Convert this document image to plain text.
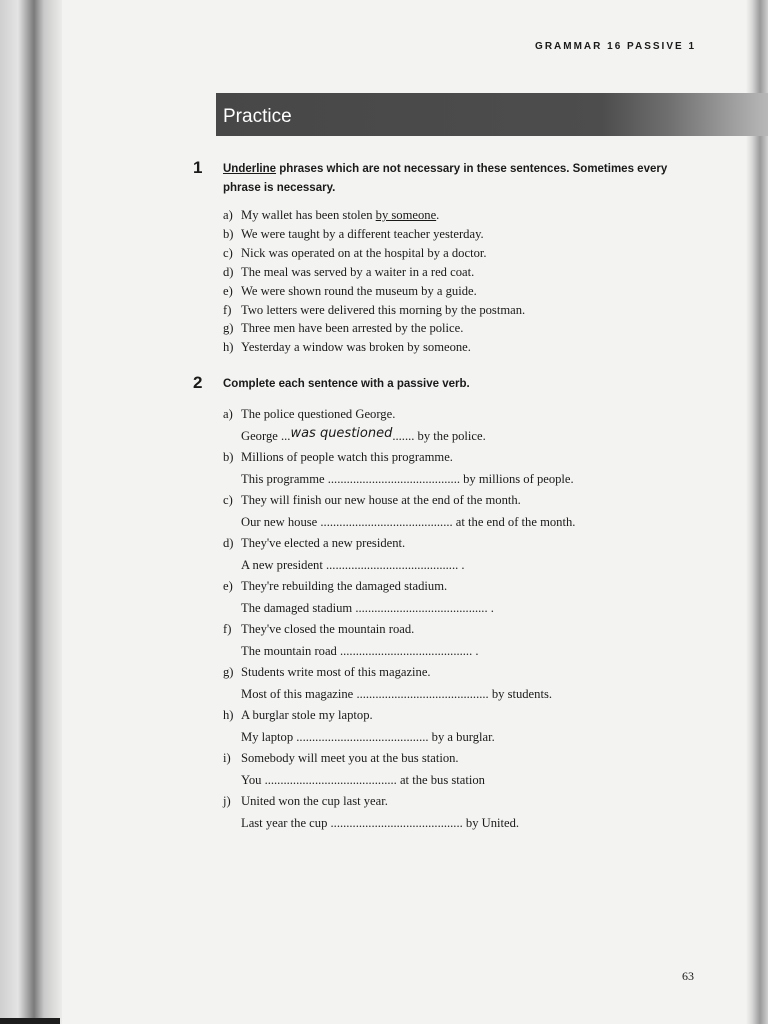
GRAMMAR 16 PASSIVE 1
Practice
1 Underline phrases which are not necessary in these sentences. Sometimes every phrase is necessary.
a) My wallet has been stolen by someone.
b) We were taught by a different teacher yesterday.
c) Nick was operated on at the hospital by a doctor.
d) The meal was served by a waiter in a red coat.
e) We were shown round the museum by a guide.
f) Two letters were delivered this morning by the postman.
g) Three men have been arrested by the police.
h) Yesterday a window was broken by someone.
2 Complete each sentence with a passive verb.
a) The police questioned George.
George ...was questioned....... by the police.
b) Millions of people watch this programme.
This programme .......................................... by millions of people.
c) They will finish our new house at the end of the month.
Our new house .......................................... at the end of the month.
d) They've elected a new president.
A new president .......................................... .
e) They're rebuilding the damaged stadium.
The damaged stadium .......................................... .
f) They've closed the mountain road.
The mountain road .......................................... .
g) Students write most of this magazine.
Most of this magazine .......................................... by students.
h) A burglar stole my laptop.
My laptop .......................................... by a burglar.
i) Somebody will meet you at the bus station.
You .......................................... at the bus station
j) United won the cup last year.
Last year the cup .......................................... by United.
63
